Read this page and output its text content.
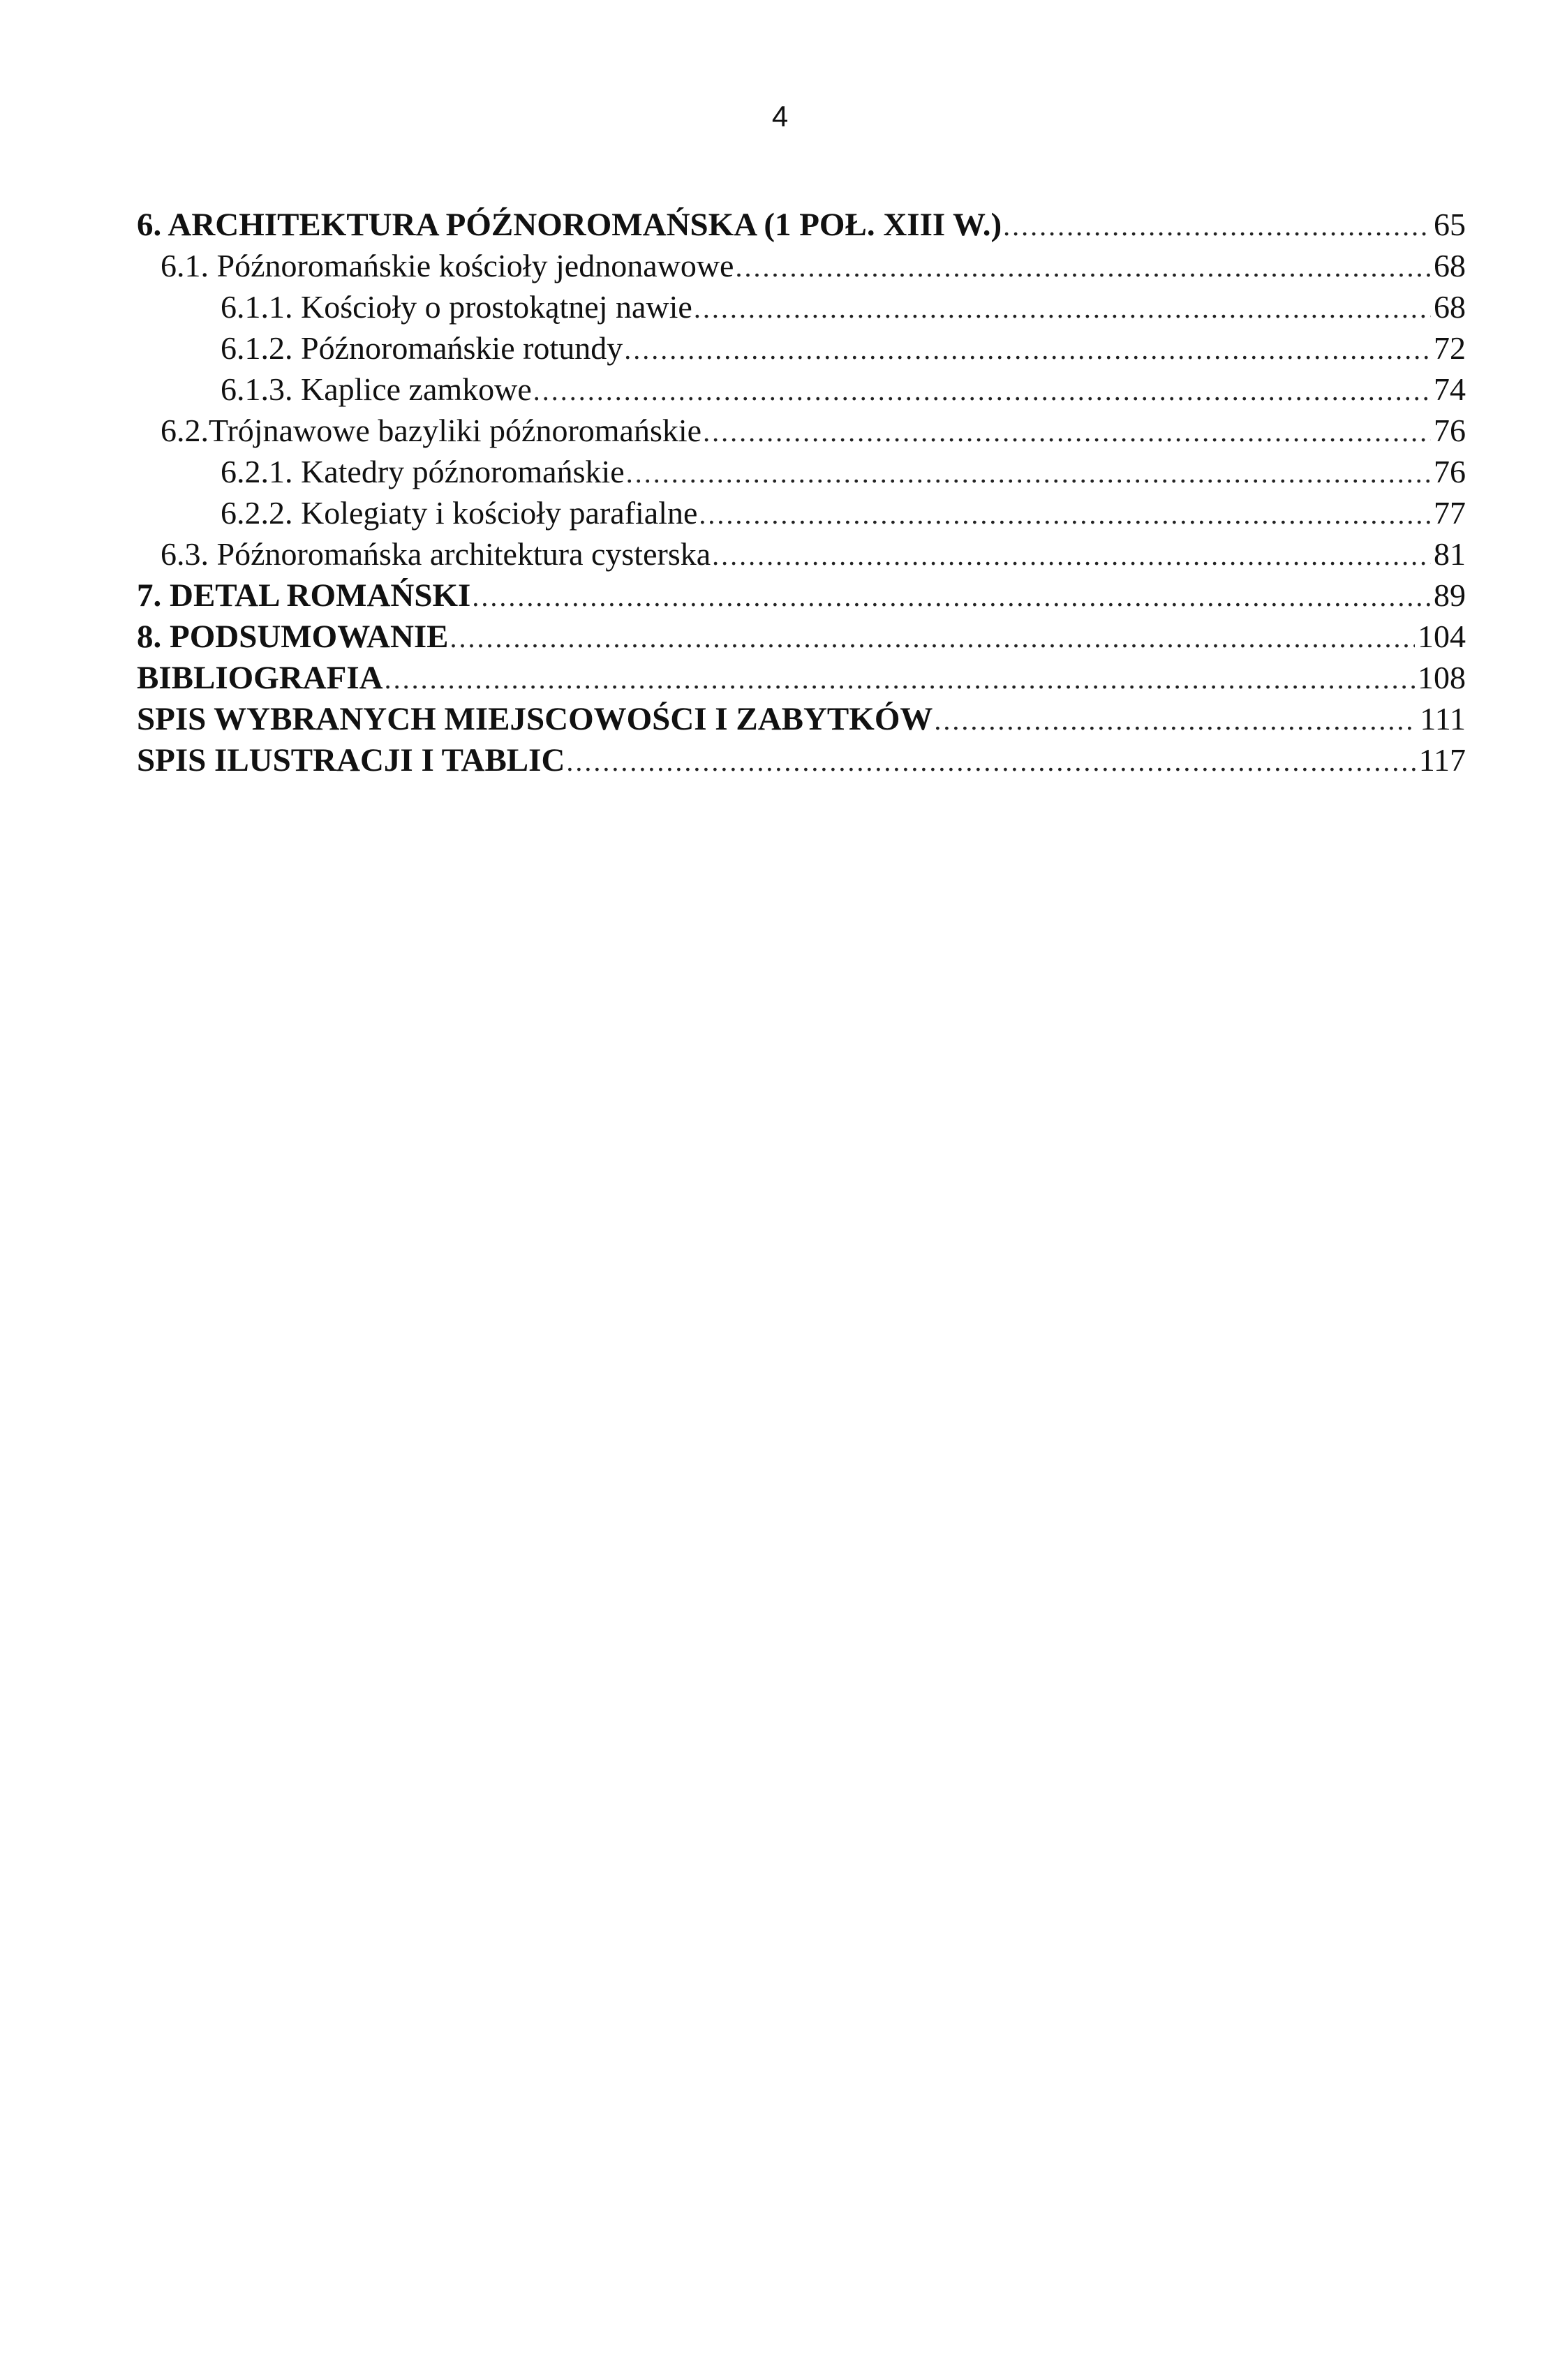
4
6. ARCHITEKTURA PÓŹNOROMAŃSKA (1 POŁ. XIII W.) .....	65
6.1. Późnoromańskie kościoły jednonawowe .....	68
6.1.1. Kościoły o prostokątnej nawie .....	68
6.1.2. Późnoromańskie rotundy .....	72
6.1.3. Kaplice zamkowe .....	74
6.2.Trójnawowe bazyliki późnoromańskie .....	76
6.2.1. Katedry późnoromańskie .....	76
6.2.2. Kolegiaty i kościoły parafialne .....	77
6.3. Późnoromańska architektura cysterska .....	81
7. DETAL ROMAŃSKI .....	89
8. PODSUMOWANIE .....	104
BIBLIOGRAFIA .....	108
SPIS WYBRANYCH MIEJSCOWOŚCI I ZABYTKÓW .....	111
SPIS ILUSTRACJI I TABLIC .....	117
